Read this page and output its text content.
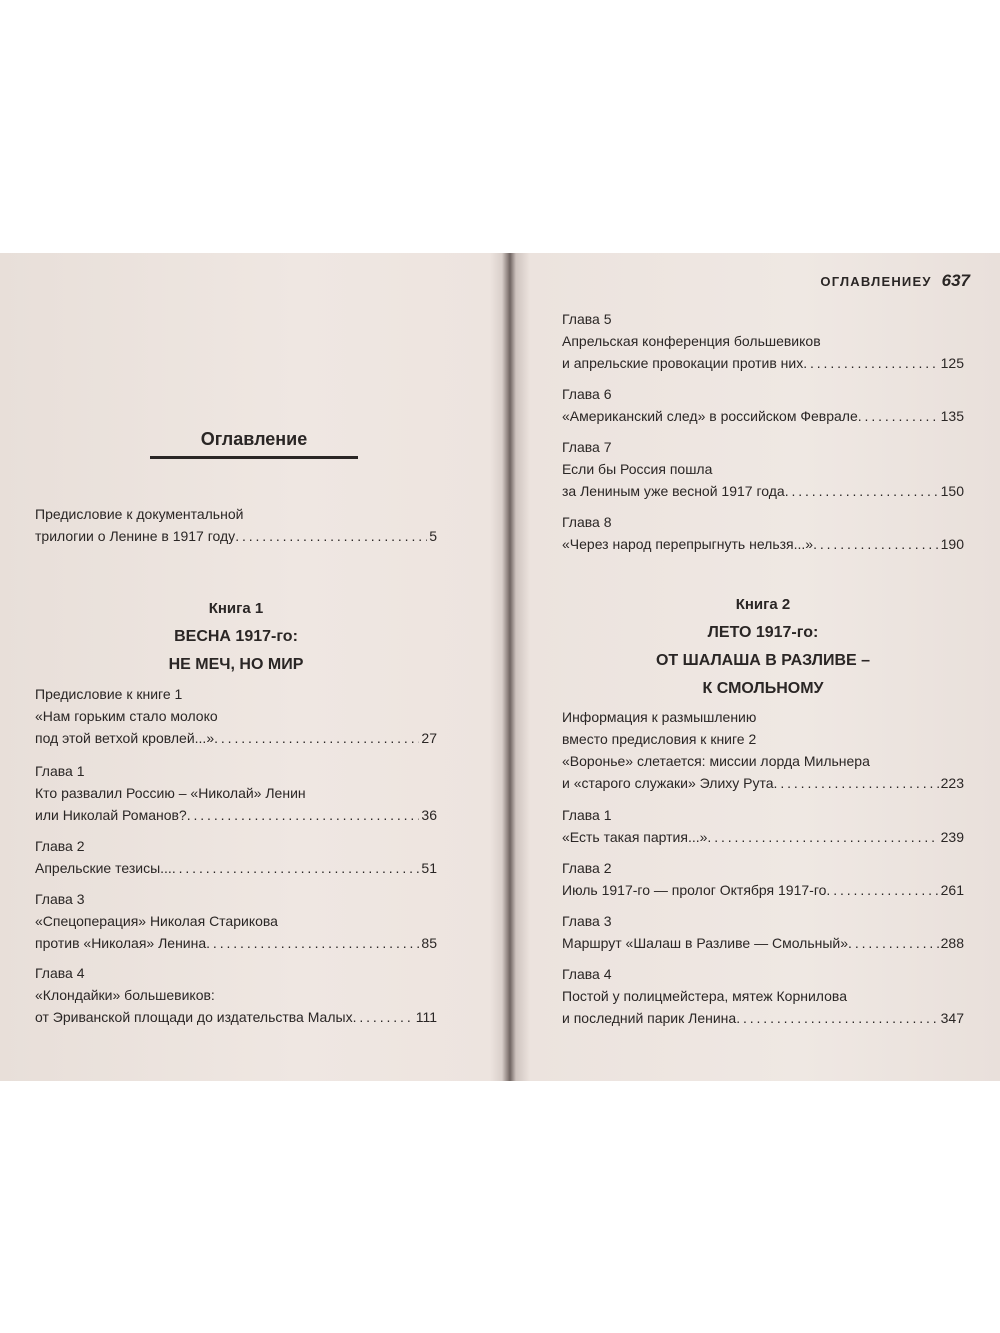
Оглавление
Предисловие к документальной
трилогии о Ленине в 1917 году . . .	5
Книга 1
ВЕСНА 1917-го:
НЕ МЕЧ, НО МИР
Предисловие к книге 1
«Нам горьким стало молоко
под этой ветхой кровлей...» . . .	27
Глава 1
Кто развалил Россию – «Николай» Ленин
или Николай Романов? . . .	36
Глава 2
Апрельские тезисы... . . .	51
Глава 3
«Спецоперация» Николая Старикова
против «Николая» Ленина . . .	85
Глава 4
«Клондайки» большевиков:
от Эриванской площади до издательства Малых . . .	111
ОГЛАВЛЕНИЕУ 637
Глава 5
Апрельская конференция большевиков
и апрельские провокации против них . . .	125
Глава 6
«Американский след» в российском Феврале . . .	135
Глава 7
Если бы Россия пошла
за Лениным уже весной 1917 года . . .	150
Глава 8
«Через народ перепрыгнуть нельзя...» . . .	190
Книга 2
ЛЕТО 1917-го:
ОТ ШАЛАША В РАЗЛИВЕ –
К СМОЛЬНОМУ
Информация к размышлению
вместо предисловия к книге 2
«Воронье» слетается: миссии лорда Мильнера
и «старого служаки» Элиху Рута . . .	223
Глава 1
«Есть такая партия...» . . .	239
Глава 2
Июль 1917-го — пролог Октября 1917-го . . .	261
Глава 3
Маршрут «Шалаш в Разливе — Смольный» . . .	288
Глава 4
Постой у полицмейстера, мятеж Корнилова
и последний парик Ленина . . .	347
